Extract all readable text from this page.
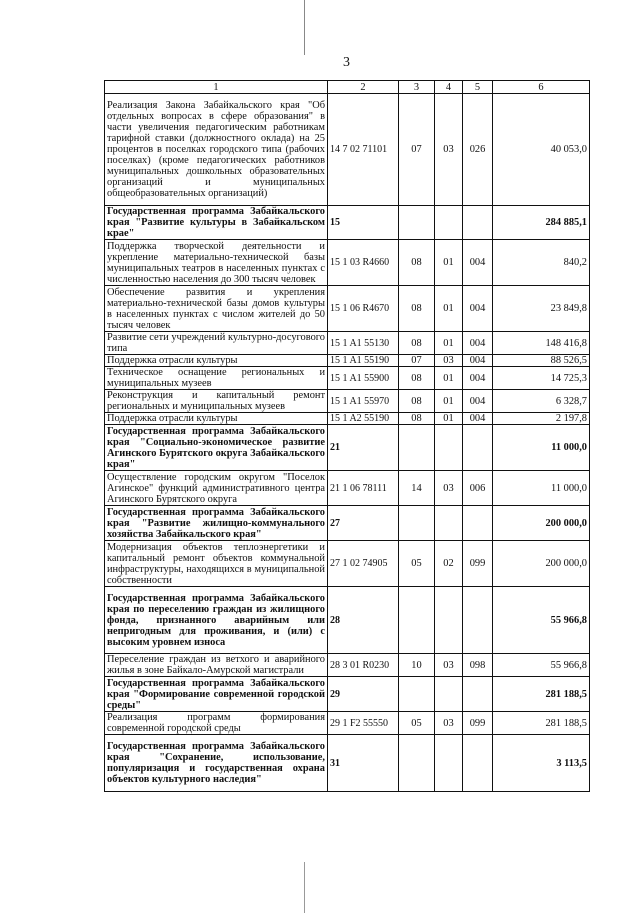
3
1	2	3	4	5	6
Реализация Закона Забайкальского края "Об отдельных вопросах в сфере образования" в части увеличения педагогическим работникам тарифной ставки (должностного оклада) на 25 процентов в поселках городского типа (рабочих поселках) (кроме педагогических работников муниципальных дошкольных образовательных организаций и муниципальных общеобразовательных организаций)	14 7 02 71101	07	03	026	40 053,0
Государственная программа Забайкальского края "Развитие культуры в Забайкальском крае"	15				284 885,1
Поддержка творческой деятельности и укрепление материально-технической базы муниципальных театров в населенных пунктах с численностью населения до 300 тысяч человек	15 1 03 R4660	08	01	004	840,2
Обеспечение развития и укрепления материально-технической базы домов культуры в населенных пунктах с числом жителей до 50 тысяч человек	15 1 06 R4670	08	01	004	23 849,8
Развитие сети учреждений культурно-досугового типа	15 1 A1 55130	08	01	004	148 416,8
Поддержка отрасли культуры	15 1 A1 55190	07	03	004	88 526,5
Техническое оснащение региональных и муниципальных музеев	15 1 A1 55900	08	01	004	14 725,3
Реконструкция и капитальный ремонт региональных и муниципальных музеев	15 1 A1 55970	08	01	004	6 328,7
Поддержка отрасли культуры	15 1 A2 55190	08	01	004	2 197,8
Государственная программа Забайкальского края "Социально-экономическое развитие Агинского Бурятского округа Забайкальского края"	21				11 000,0
Осуществление городским округом "Поселок Агинское" функций административного центра Агинского Бурятского округа	21 1 06 78111	14	03	006	11 000,0
Государственная программа Забайкальского края "Развитие жилищно-коммунального хозяйства Забайкальского края"	27				200 000,0
Модернизация объектов теплоэнергетики и капитальный ремонт объектов коммунальной инфраструктуры, находящихся в муниципальной собственности	27 1 02 74905	05	02	099	200 000,0
Государственная программа Забайкальского края по переселению граждан из жилищного фонда, признанного аварийным или непригодным для проживания, и (или) с высоким уровнем износа	28				55 966,8
Переселение граждан из ветхого и аварийного жилья в зоне Байкало-Амурской магистрали	28 3 01 R0230	10	03	098	55 966,8
Государственная программа Забайкальского края "Формирование современной городской среды"	29				281 188,5
Реализация программ формирования современной городской среды	29 1 F2 55550	05	03	099	281 188,5
Государственная программа Забайкальского края "Сохранение, использование, популяризация и государственная охрана объектов культурного наследия"	31				3 113,5
